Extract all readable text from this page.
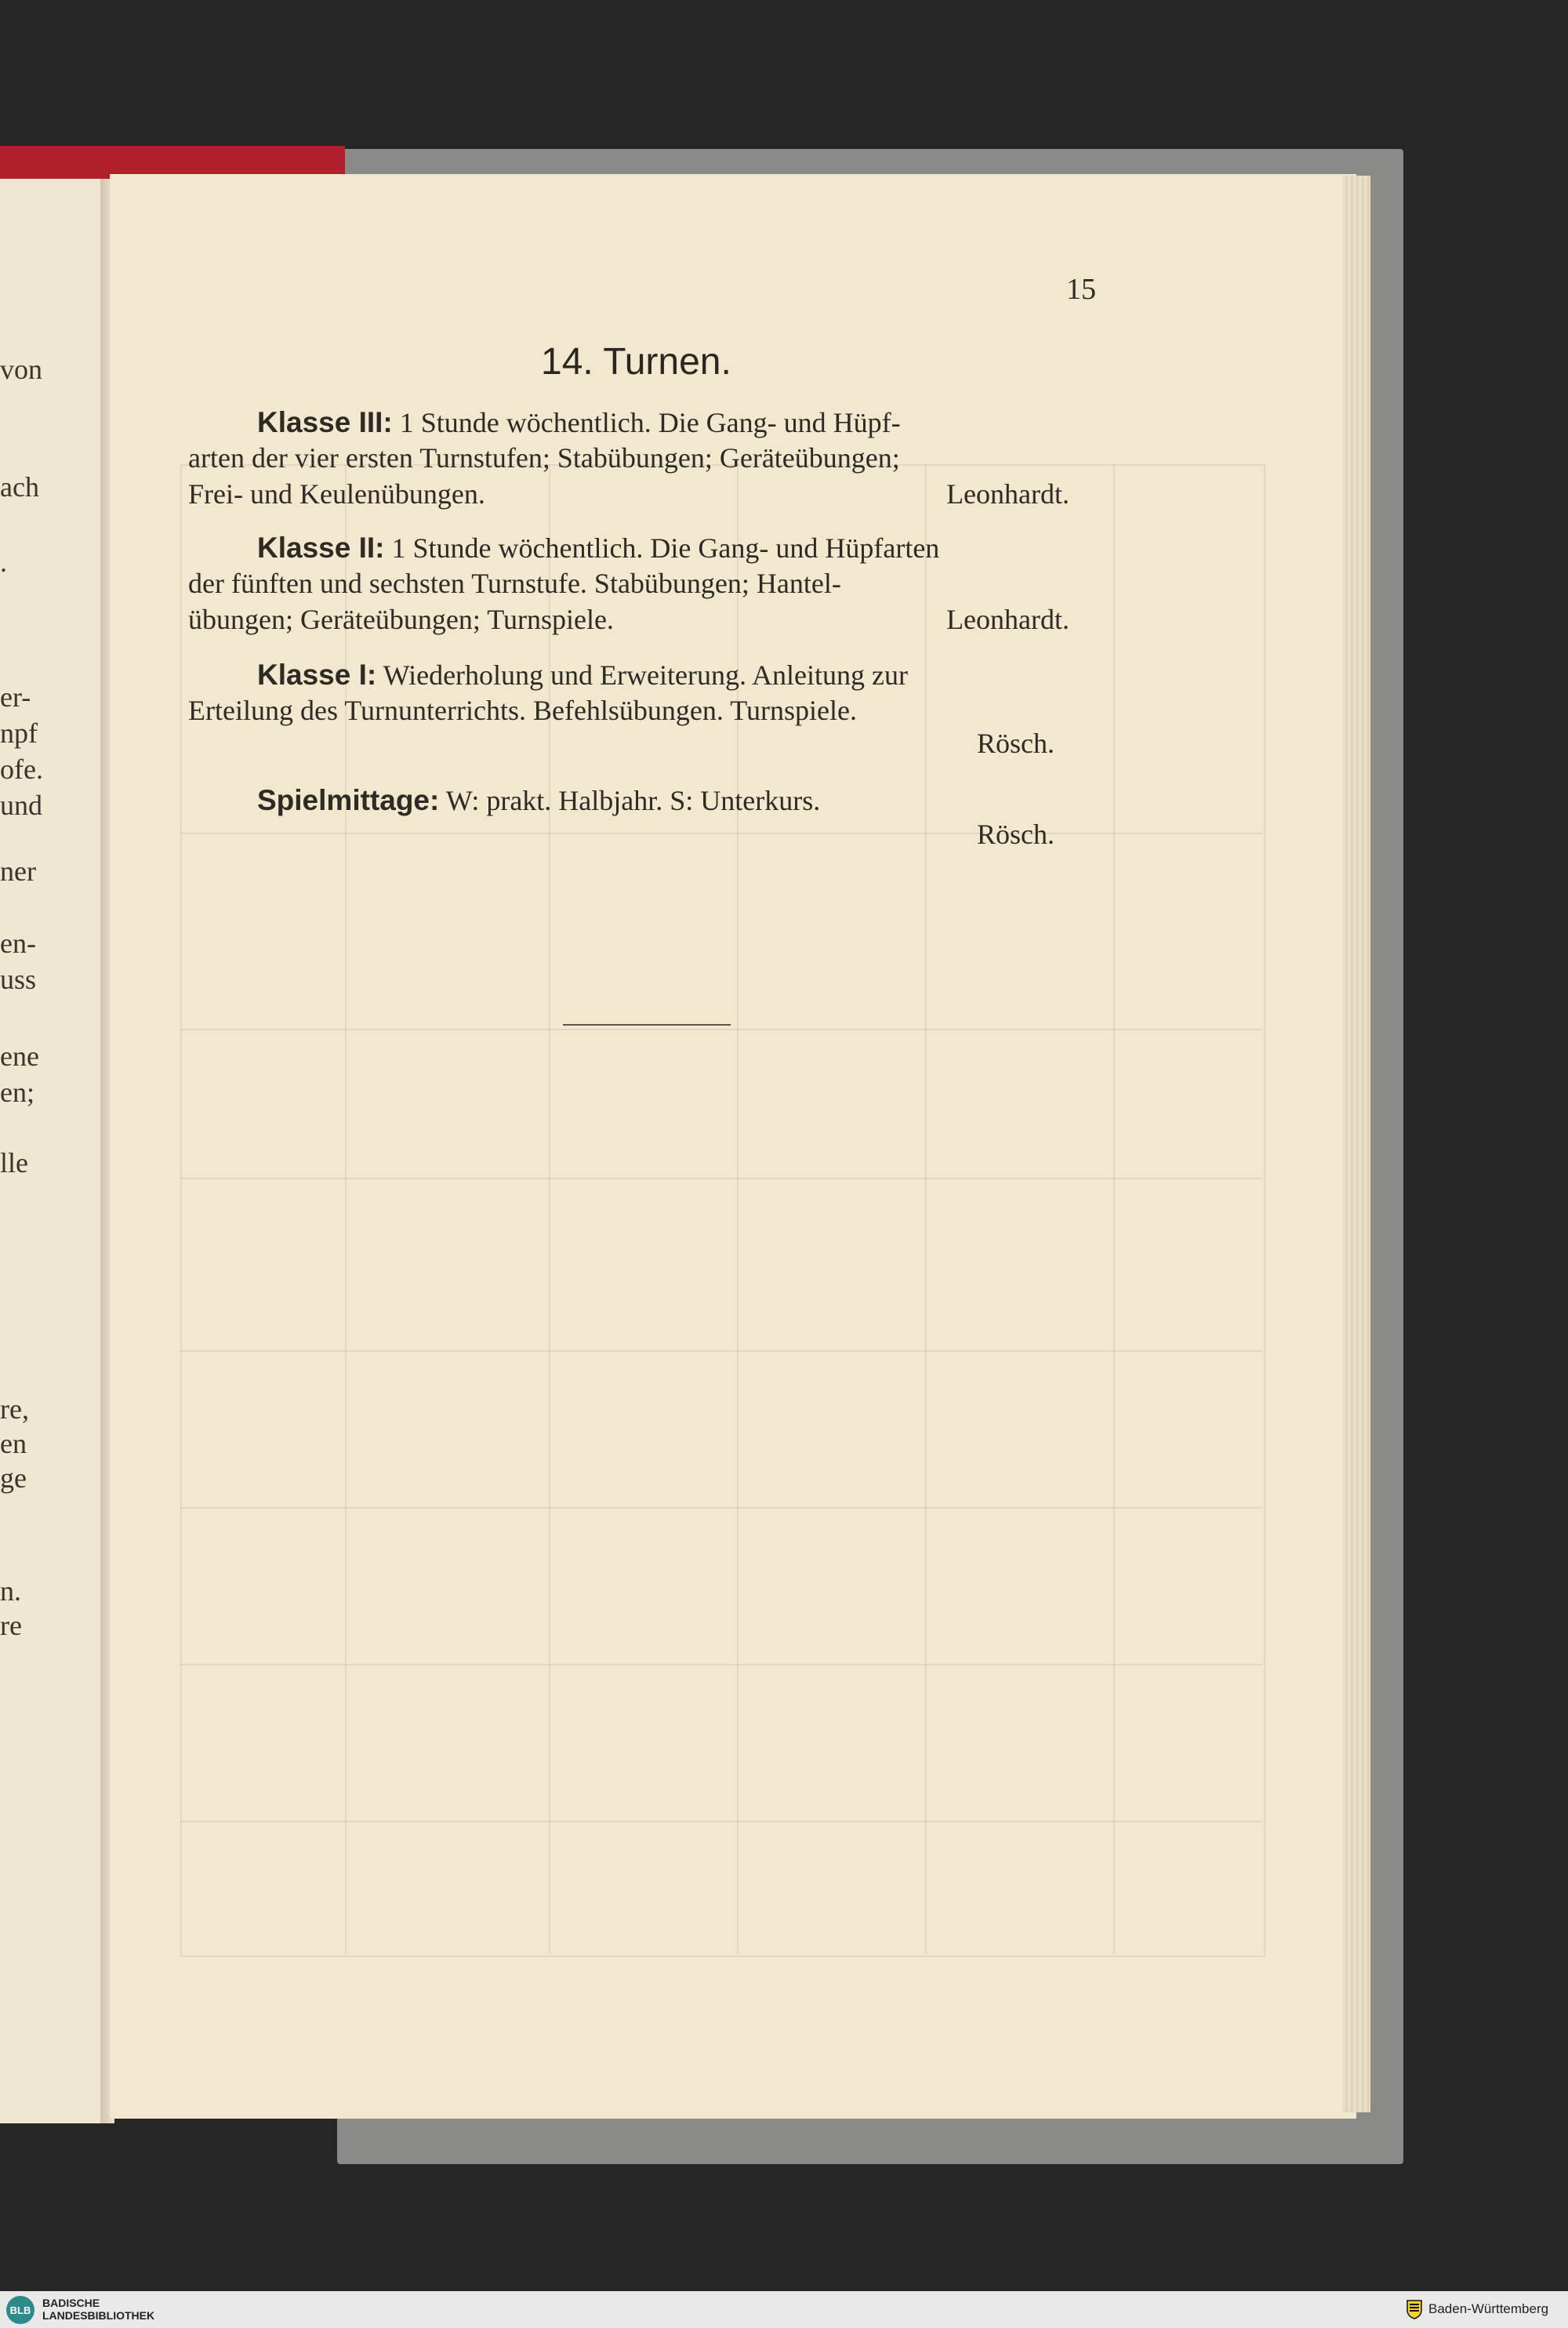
von
ach
.
er-
npf
ofe.
und
ner
en-
uss
ene
en;
lle
re,
en
ge
n.
re
15
14. Turnen.
Klasse III: 1 Stunde wöchentlich. Die Gang- und Hüpf-
arten der vier ersten Turnstufen; Stabübungen; Geräteübungen;
Frei- und Keulenübungen.	Leonhardt.
Klasse II: 1 Stunde wöchentlich. Die Gang- und Hüpfarten
der fünften und sechsten Turnstufe. Stabübungen; Hantel-
übungen; Geräteübungen; Turnspiele.	Leonhardt.
Klasse I: Wiederholung und Erweiterung. Anleitung zur
Erteilung des Turnunterrichts. Befehlsübungen. Turnspiele.
Rösch.
Spielmittage: W: prakt. Halbjahr. S: Unterkurs.
Rösch.
BLB
BADISCHE
LANDESBIBLIOTHEK	Baden-Württemberg
